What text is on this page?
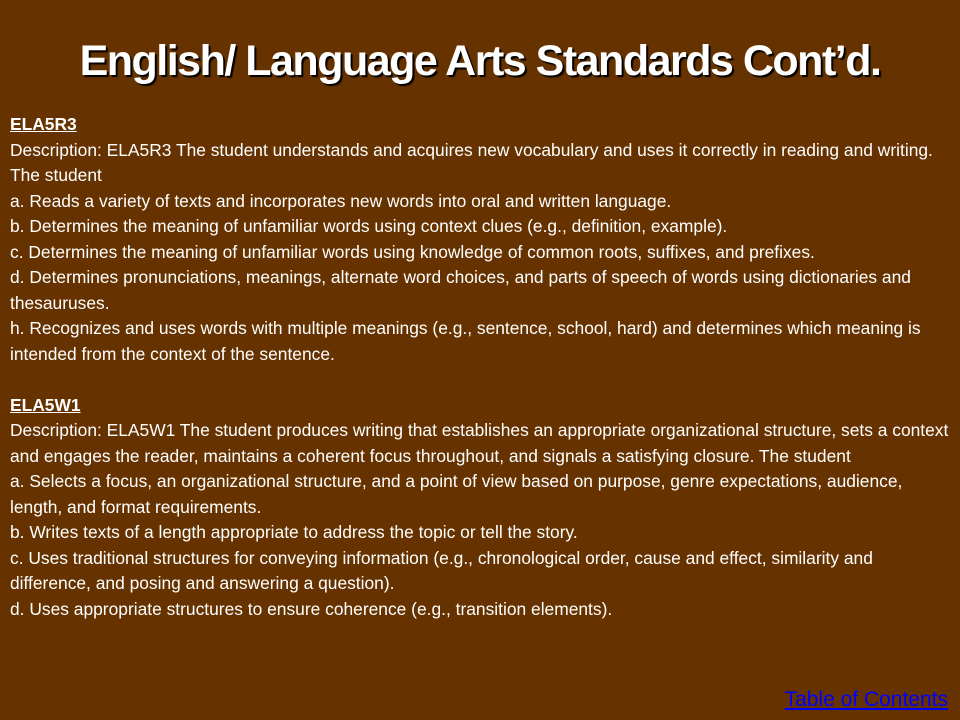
English/ Language Arts Standards Cont’d.

ELA5R3

Description: ELA5R3 The student understands and acquires new vocabulary and uses it correctly in reading and writing. The student

a. Reads a variety of texts and incorporates new words into oral and written language.

b. Determines the meaning of unfamiliar words using context clues (e.g., definition, example).

c. Determines the meaning of unfamiliar words using knowledge of common roots, suffixes, and prefixes.

d. Determines pronunciations, meanings, alternate word choices, and parts of speech of words using dictionaries and thesauruses.

h. Recognizes and uses words with multiple meanings (e.g., sentence, school, hard) and determines which meaning is intended from the context of the sentence.

ELA5W1

Description: ELA5W1 The student produces writing that establishes an appropriate organizational structure, sets a context and engages the reader, maintains a coherent focus throughout, and signals a satisfying closure. The student

a. Selects a focus, an organizational structure, and a point of view based on purpose, genre expectations, audience, length, and format requirements.

b. Writes texts of a length appropriate to address the topic or tell the story.

c. Uses traditional structures for conveying information (e.g., chronological order, cause and effect, similarity and difference, and posing and answering a question).

d. Uses appropriate structures to ensure coherence (e.g., transition elements).

Table of Contents
